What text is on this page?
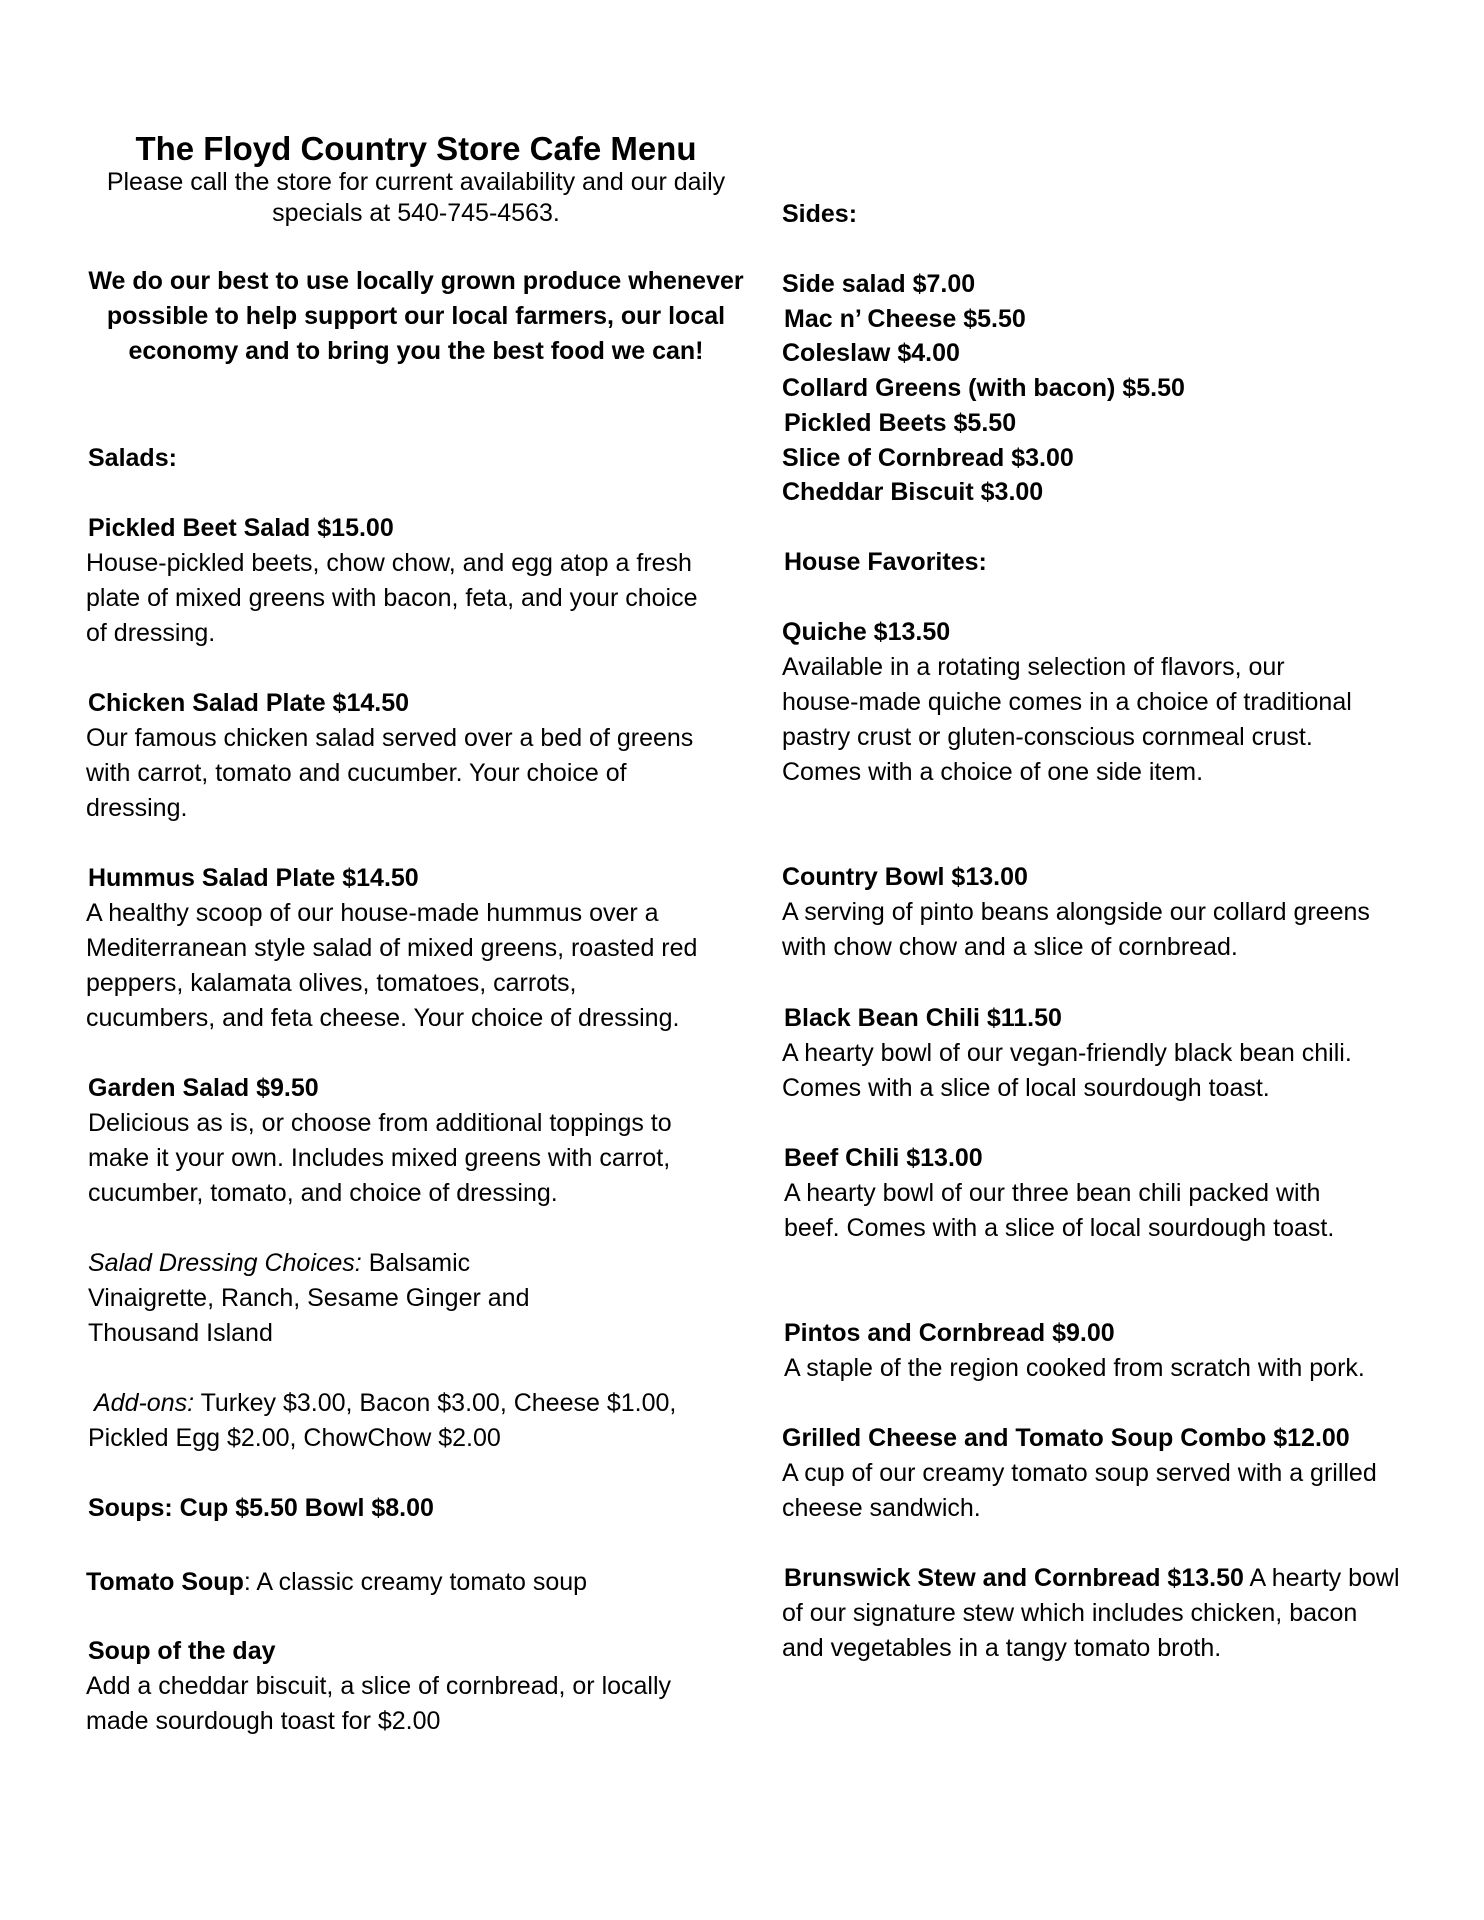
The Floyd Country Store Cafe Menu
Please call the store for current availability and our daily
specials at 540-745-4563.
We do our best to use locally grown produce whenever possible to help support our local farmers, our local economy and to bring you the best food we can!
Salads:
Pickled Beet Salad $15.00
House-pickled beets, chow chow, and egg atop a fresh plate of mixed greens with bacon, feta, and your choice of dressing.
Chicken Salad Plate $14.50
Our famous chicken salad served over a bed of greens with carrot, tomato and cucumber. Your choice of dressing.
Hummus Salad Plate $14.50
A healthy scoop of our house-made hummus over a Mediterranean style salad of mixed greens, roasted red peppers, kalamata olives, tomatoes, carrots, cucumbers, and feta cheese. Your choice of dressing.
Garden Salad $9.50
Delicious as is, or choose from additional toppings to make it your own. Includes mixed greens with carrot, cucumber, tomato, and choice of dressing.
Salad Dressing Choices: Balsamic Vinaigrette, Ranch, Sesame Ginger and Thousand Island
Add-ons: Turkey $3.00, Bacon $3.00, Cheese $1.00, Pickled Egg $2.00, ChowChow $2.00
Soups: Cup $5.50 Bowl $8.00
Tomato Soup: A classic creamy tomato soup
Soup of the day
Add a cheddar biscuit, a slice of cornbread, or locally made sourdough toast for $2.00
Sides:
Side salad $7.00
Mac n’ Cheese $5.50
Coleslaw $4.00
Collard Greens (with bacon) $5.50
Pickled Beets $5.50
Slice of Cornbread $3.00
Cheddar Biscuit $3.00
House Favorites:
Quiche $13.50
Available in a rotating selection of flavors, our house-made quiche comes in a choice of traditional pastry crust or gluten-conscious cornmeal crust. Comes with a choice of one side item.
Country Bowl $13.00
A serving of pinto beans alongside our collard greens with chow chow and a slice of cornbread.
Black Bean Chili $11.50
A hearty bowl of our vegan-friendly black bean chili. Comes with a slice of local sourdough toast.
Beef Chili $13.00
A hearty bowl of our three bean chili packed with beef. Comes with a slice of local sourdough toast.
Pintos and Cornbread $9.00
A staple of the region cooked from scratch with pork.
Grilled Cheese and Tomato Soup Combo $12.00
A cup of our creamy tomato soup served with a grilled cheese sandwich.
Brunswick Stew and Cornbread $13.50 A hearty bowl of our signature stew which includes chicken, bacon and vegetables in a tangy tomato broth.
